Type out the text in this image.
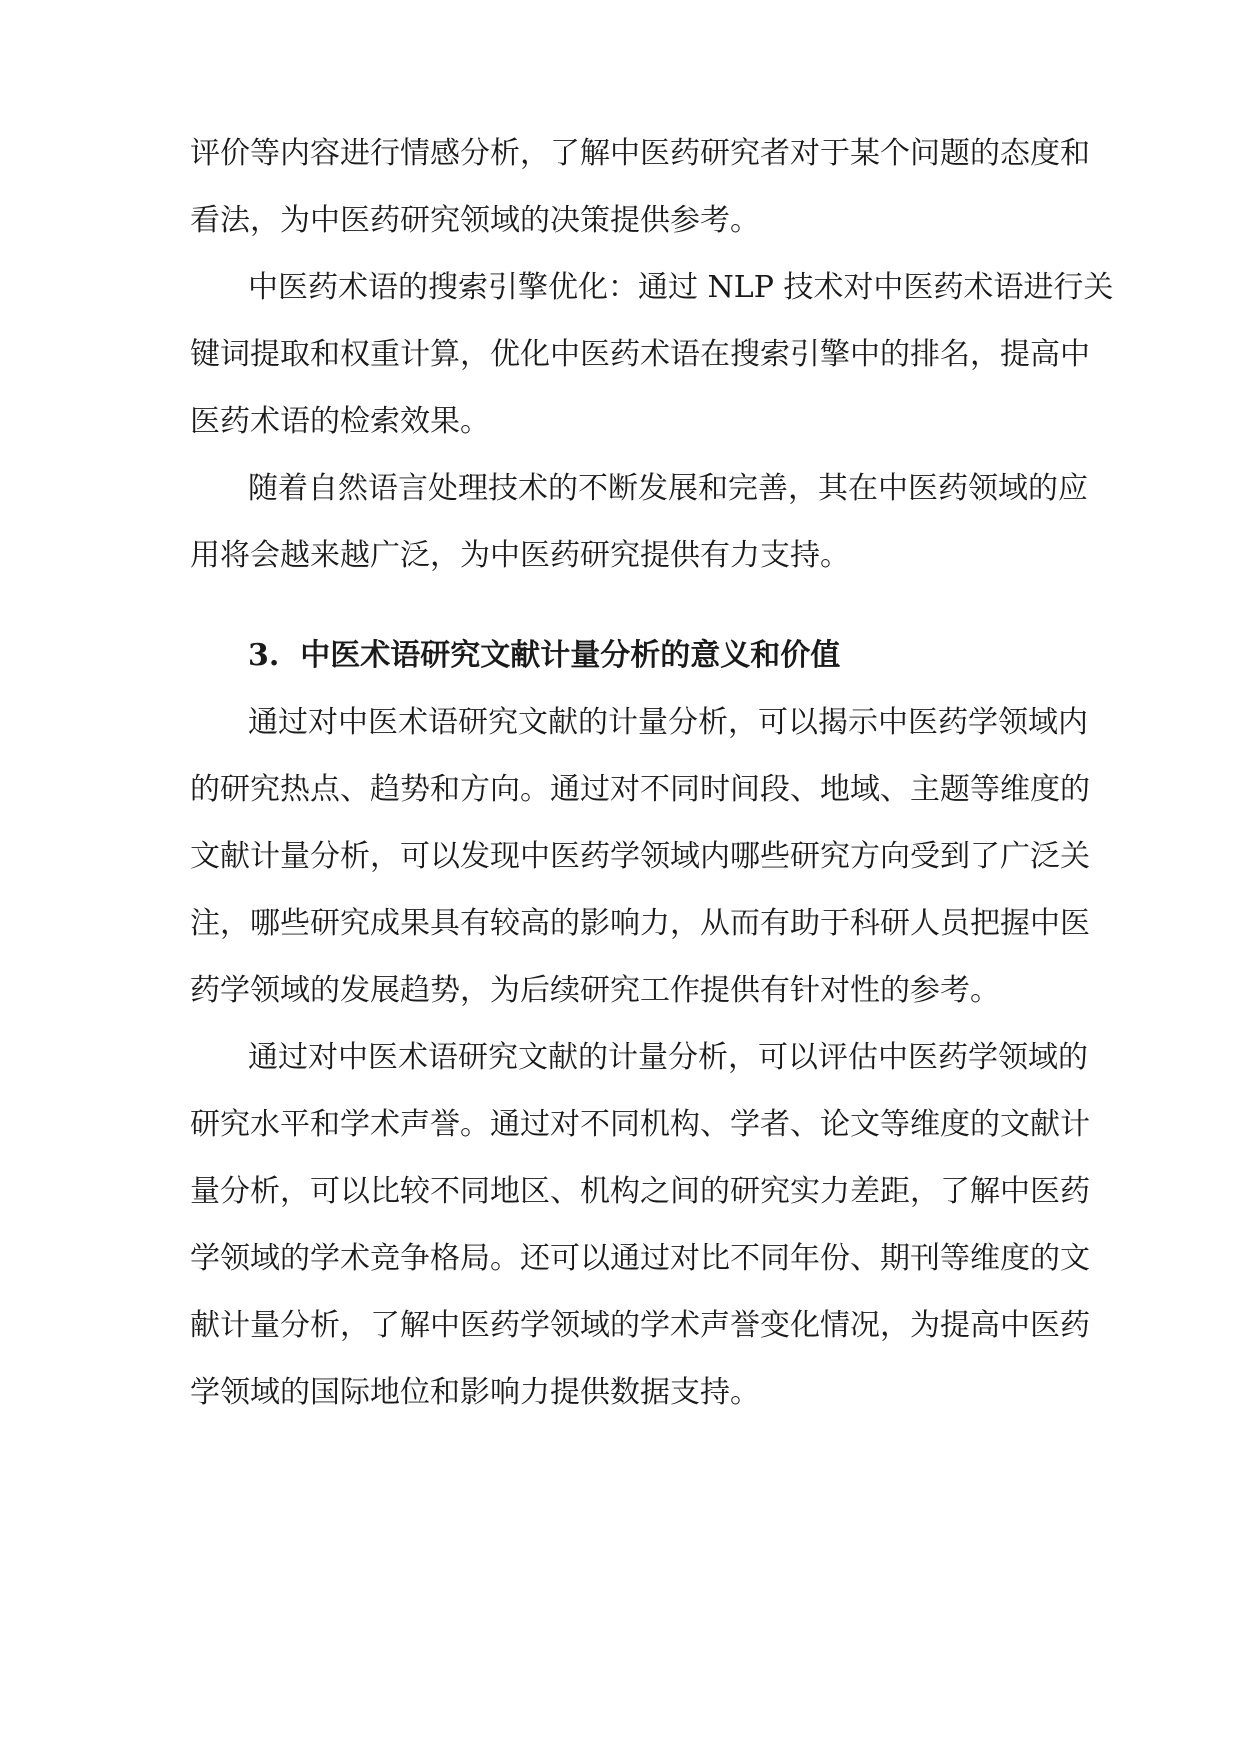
评价等内容进行情感分析，了解中医药研究者对于某个问题的态度和
看法，为中医药研究领域的决策提供参考。
中医药术语的搜索引擎优化：通过 NLP 技术对中医药术语进行关
键词提取和权重计算，优化中医药术语在搜索引擎中的排名，提高中
医药术语的检索效果。
随着自然语言处理技术的不断发展和完善，其在中医药领域的应
用将会越来越广泛，为中医药研究提供有力支持。
3.  中医术语研究文献计量分析的意义和价值
通过对中医术语研究文献的计量分析，可以揭示中医药学领域内
的研究热点、趋势和方向。通过对不同时间段、地域、主题等维度的
文献计量分析，可以发现中医药学领域内哪些研究方向受到了广泛关
注，哪些研究成果具有较高的影响力，从而有助于科研人员把握中医
药学领域的发展趋势，为后续研究工作提供有针对性的参考。
通过对中医术语研究文献的计量分析，可以评估中医药学领域的
研究水平和学术声誉。通过对不同机构、学者、论文等维度的文献计
量分析，可以比较不同地区、机构之间的研究实力差距，了解中医药
学领域的学术竞争格局。还可以通过对比不同年份、期刊等维度的文
献计量分析，了解中医药学领域的学术声誉变化情况，为提高中医药
学领域的国际地位和影响力提供数据支持。
